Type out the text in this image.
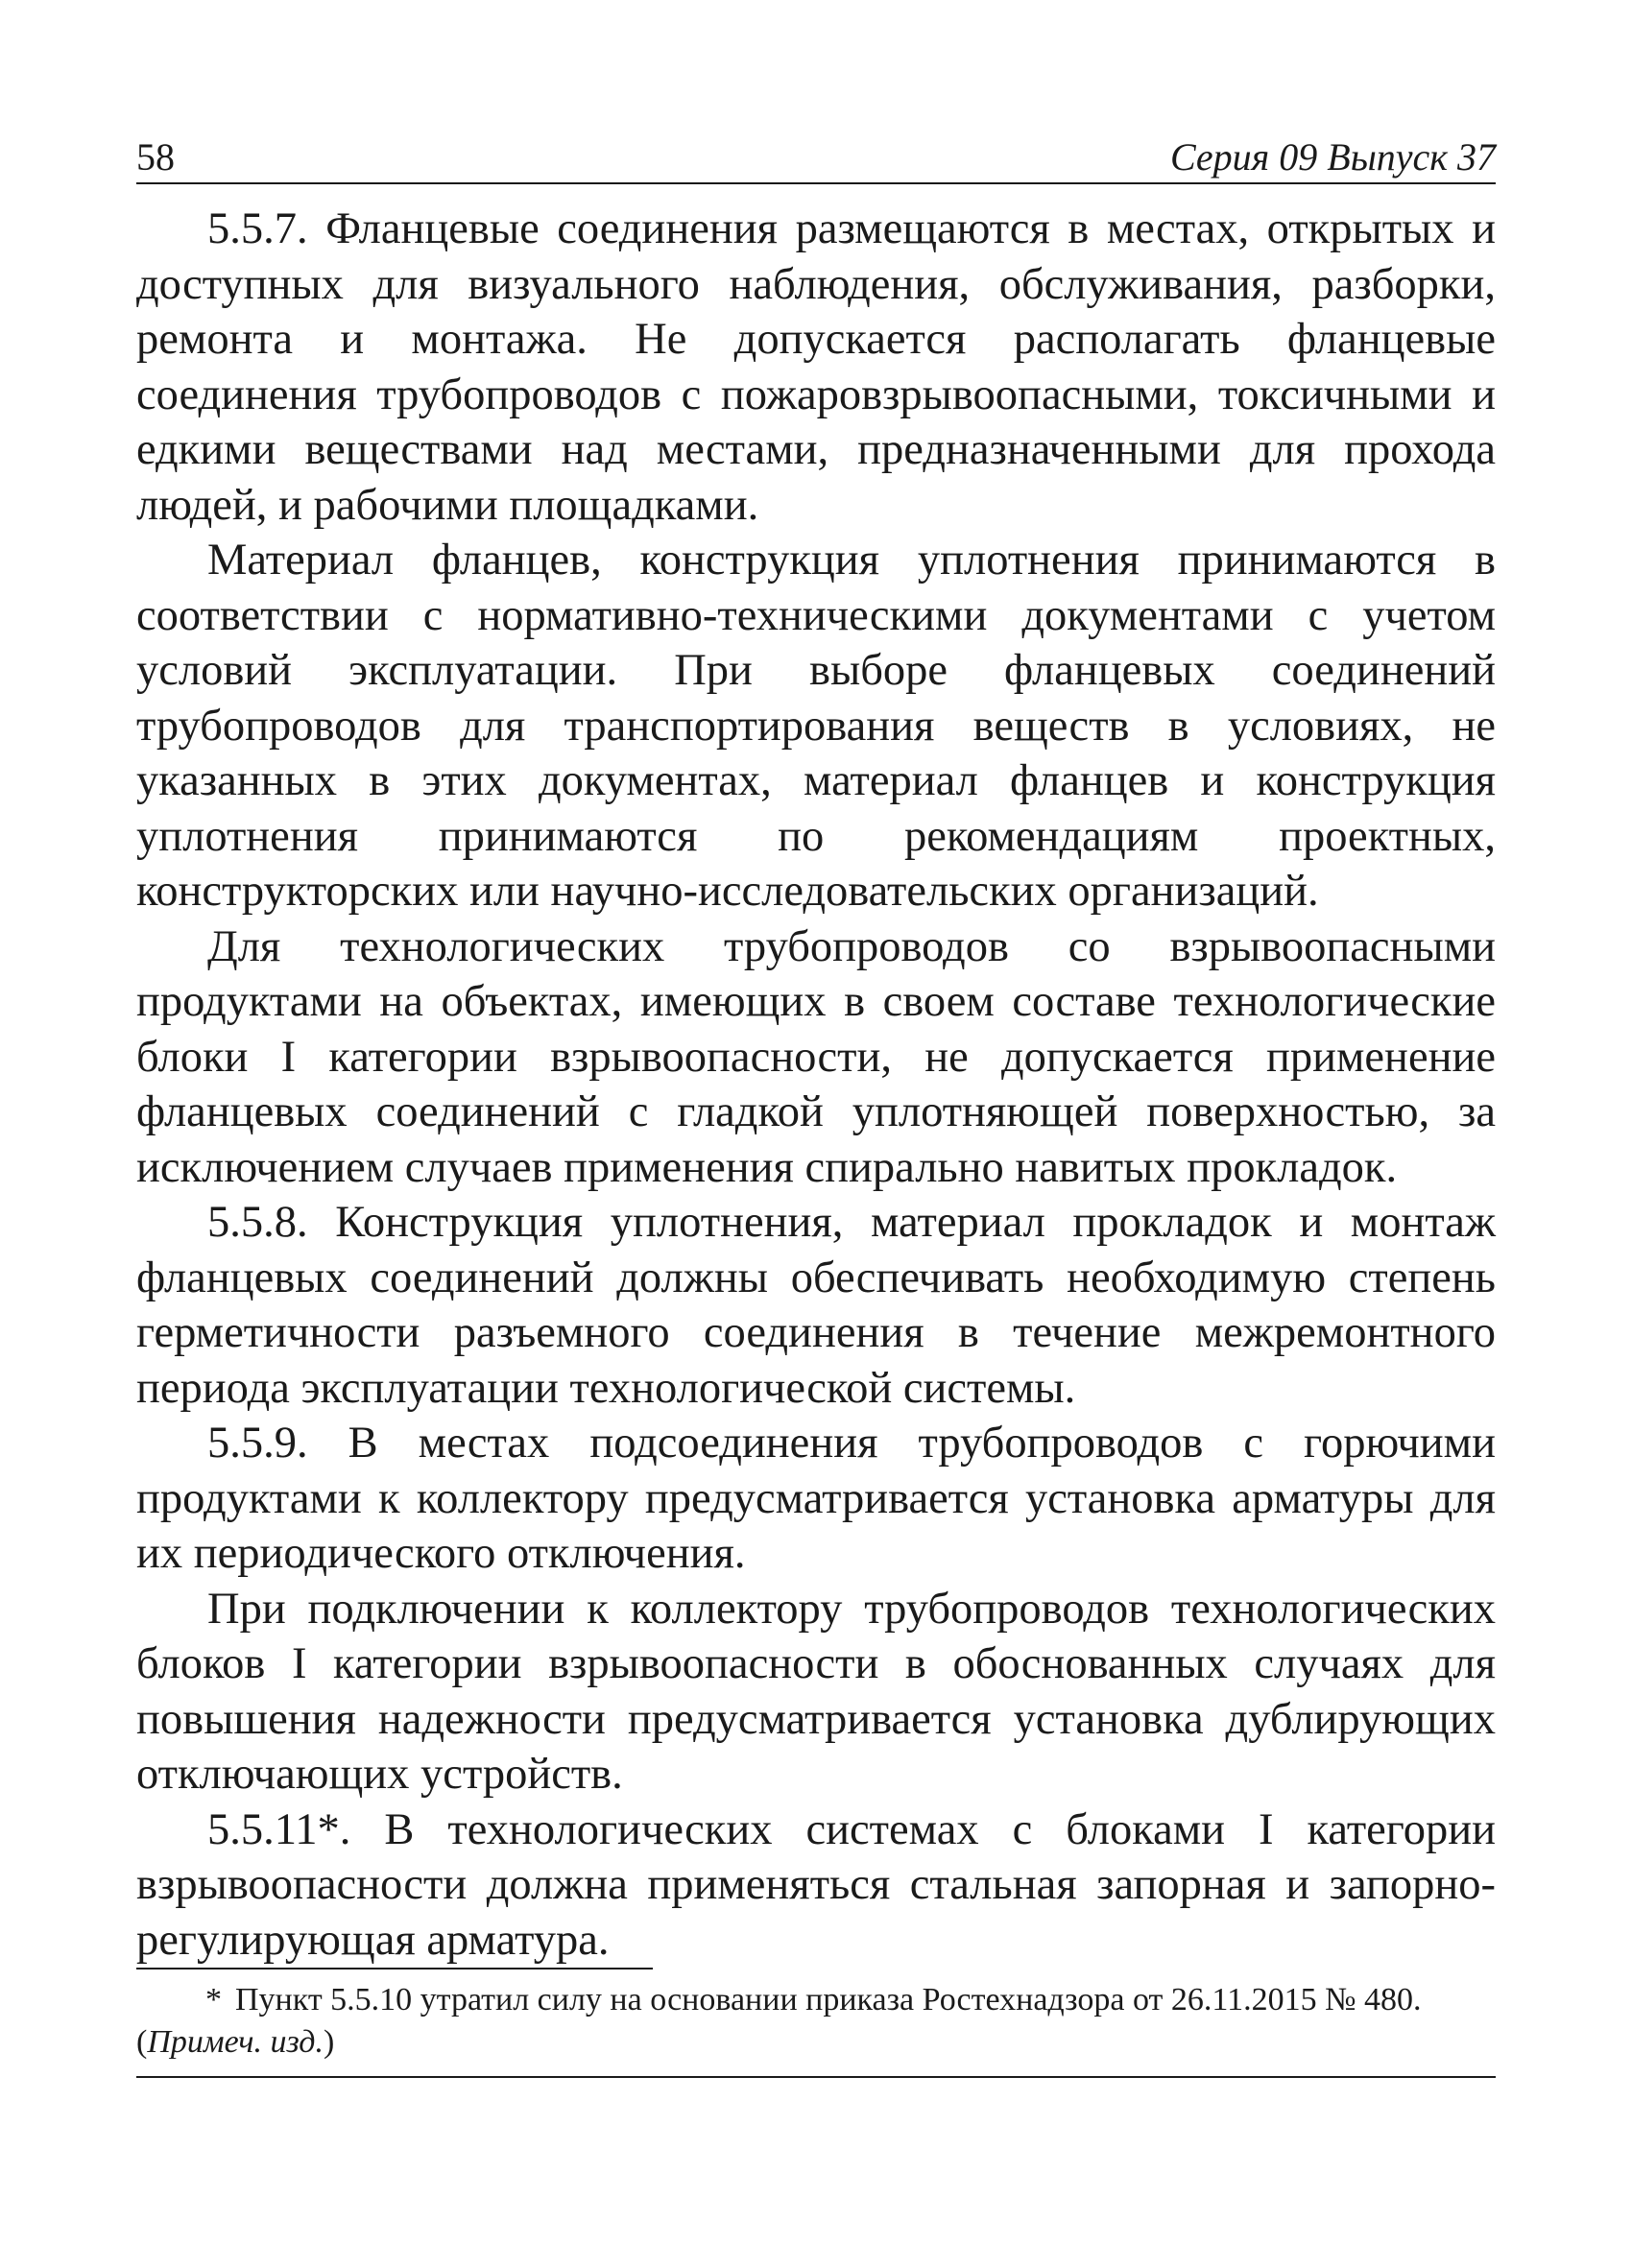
58	Серия 09 Выпуск 37

5.5.7. Фланцевые соединения размещаются в местах, открытых и доступных для визуального наблюдения, обслуживания, разборки, ремонта и монтажа. Не допускается располагать фланцевые соединения трубопроводов с пожаровзрывоопасными, токсичными и едкими веществами над местами, предназначенными для прохода людей, и рабочими площадками.

Материал фланцев, конструкция уплотнения принимаются в соответствии с нормативно-техническими документами с учетом условий эксплуатации. При выборе фланцевых соединений трубопроводов для транспортирования веществ в условиях, не указанных в этих документах, материал фланцев и конструкция уплотнения принимаются по рекомендациям проектных, конструкторских или научно-исследовательских организаций.

Для технологических трубопроводов со взрывоопасными продуктами на объектах, имеющих в своем составе технологические блоки I категории взрывоопасности, не допускается применение фланцевых соединений с гладкой уплотняющей поверхностью, за исключением случаев применения спирально навитых прокладок.

5.5.8. Конструкция уплотнения, материал прокладок и монтаж фланцевых соединений должны обеспечивать необходимую степень герметичности разъемного соединения в течение межремонтного периода эксплуатации технологической системы.

5.5.9. В местах подсоединения трубопроводов с горючими продуктами к коллектору предусматривается установка арматуры для их периодического отключения.

При подключении к коллектору трубопроводов технологических блоков I категории взрывоопасности в обоснованных случаях для повышения надежности предусматривается установка дублирующих отключающих устройств.

5.5.11*. В технологических системах с блоками I категории взрывоопасности должна применяться стальная запорная и запорно-регулирующая арматура.

* Пункт 5.5.10 утратил силу на основании приказа Ростехнадзора от 26.11.2015 № 480.
(Примеч. изд.)
